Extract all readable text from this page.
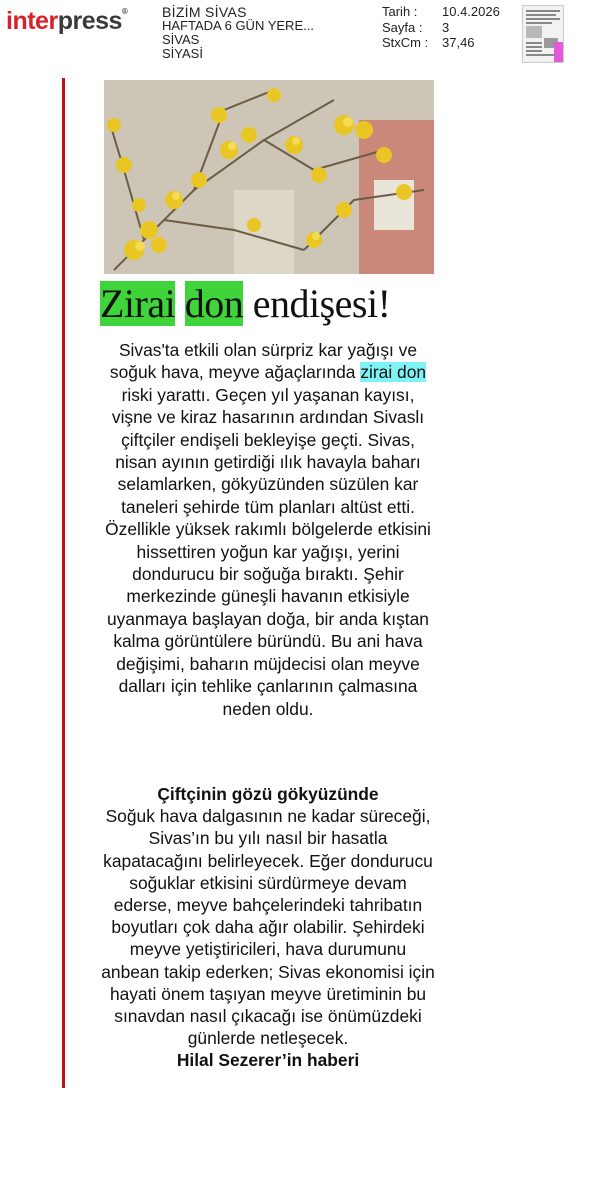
interpress® BİZİM SİVAS
HAFTADA 6 GÜN YERE...
SİVAS
SİYASİ
Tarih :	10.4.2026
Sayfa :	3
StxCm :	37,46
Zirai don endişesi!

Sivas'ta etkili olan sürpriz kar yağışı ve soğuk hava, meyve ağaçlarında zirai don riski yarattı. Geçen yıl yaşanan kayısı, vişne ve kiraz hasarının ardından Sivaslı çiftçiler endişeli bekleyişe geçti. Sivas, nisan ayının getirdiği ılık havayla baharı selamlarken, gökyüzünden süzülen kar taneleri şehirde tüm planları altüst etti. Özellikle yüksek rakımlı bölgelerde etkisini hissettiren yoğun kar yağışı, yerini dondurucu bir soğuğa bıraktı. Şehir merkezinde güneşli havanın etkisiyle uyanmaya başlayan doğa, bir anda kıştan kalma görüntülere büründü. Bu ani hava değişimi, baharın müjdecisi olan meyve dalları için tehlike çanlarının çalmasına neden oldu.

Çiftçinin gözü gökyüzünde
Soğuk hava dalgasının ne kadar süreceği, Sivas’ın bu yılı nasıl bir hasatla kapatacağını belirleyecek. Eğer dondurucu soğuklar etkisini sürdürmeye devam ederse, meyve bahçelerindeki tahribatın boyutları çok daha ağır olabilir. Şehirdeki meyve yetiştiricileri, hava durumunu anbean takip ederken; Sivas ekonomisi için hayati önem taşıyan meyve üretiminin bu sınavdan nasıl çıkacağı ise önümüzdeki günlerde netleşecek.
Hilal Sezerer’in haberi
